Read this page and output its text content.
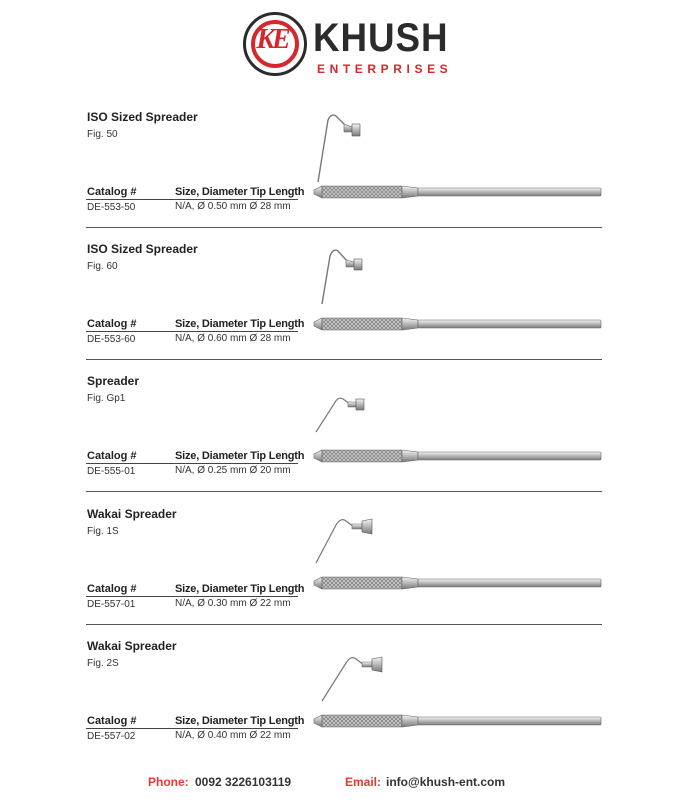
KE KHUSH
ENTERPRISES
ISO Sized Spreader
Fig. 50
Catalog #	Size, Diameter Tip Length
DE-553-50	N/A, Ø 0.50 mm Ø 28 mm
ISO Sized Spreader
Fig. 60
Catalog #	Size, Diameter Tip Length
DE-553-60	N/A, Ø 0.60 mm Ø 28 mm
Spreader
Fig. Gp1
Catalog #	Size, Diameter Tip Length
DE-555-01	N/A, Ø 0.25 mm Ø 20 mm
Wakai Spreader
Fig. 1S
Catalog #	Size, Diameter Tip Length
DE-557-01	N/A, Ø 0.30 mm Ø 22 mm
Wakai Spreader
Fig. 2S
Catalog #	Size, Diameter Tip Length
DE-557-02	N/A, Ø 0.40 mm Ø 22 mm
Phone: 0092 3226103119	Email: info@khush-ent.com
